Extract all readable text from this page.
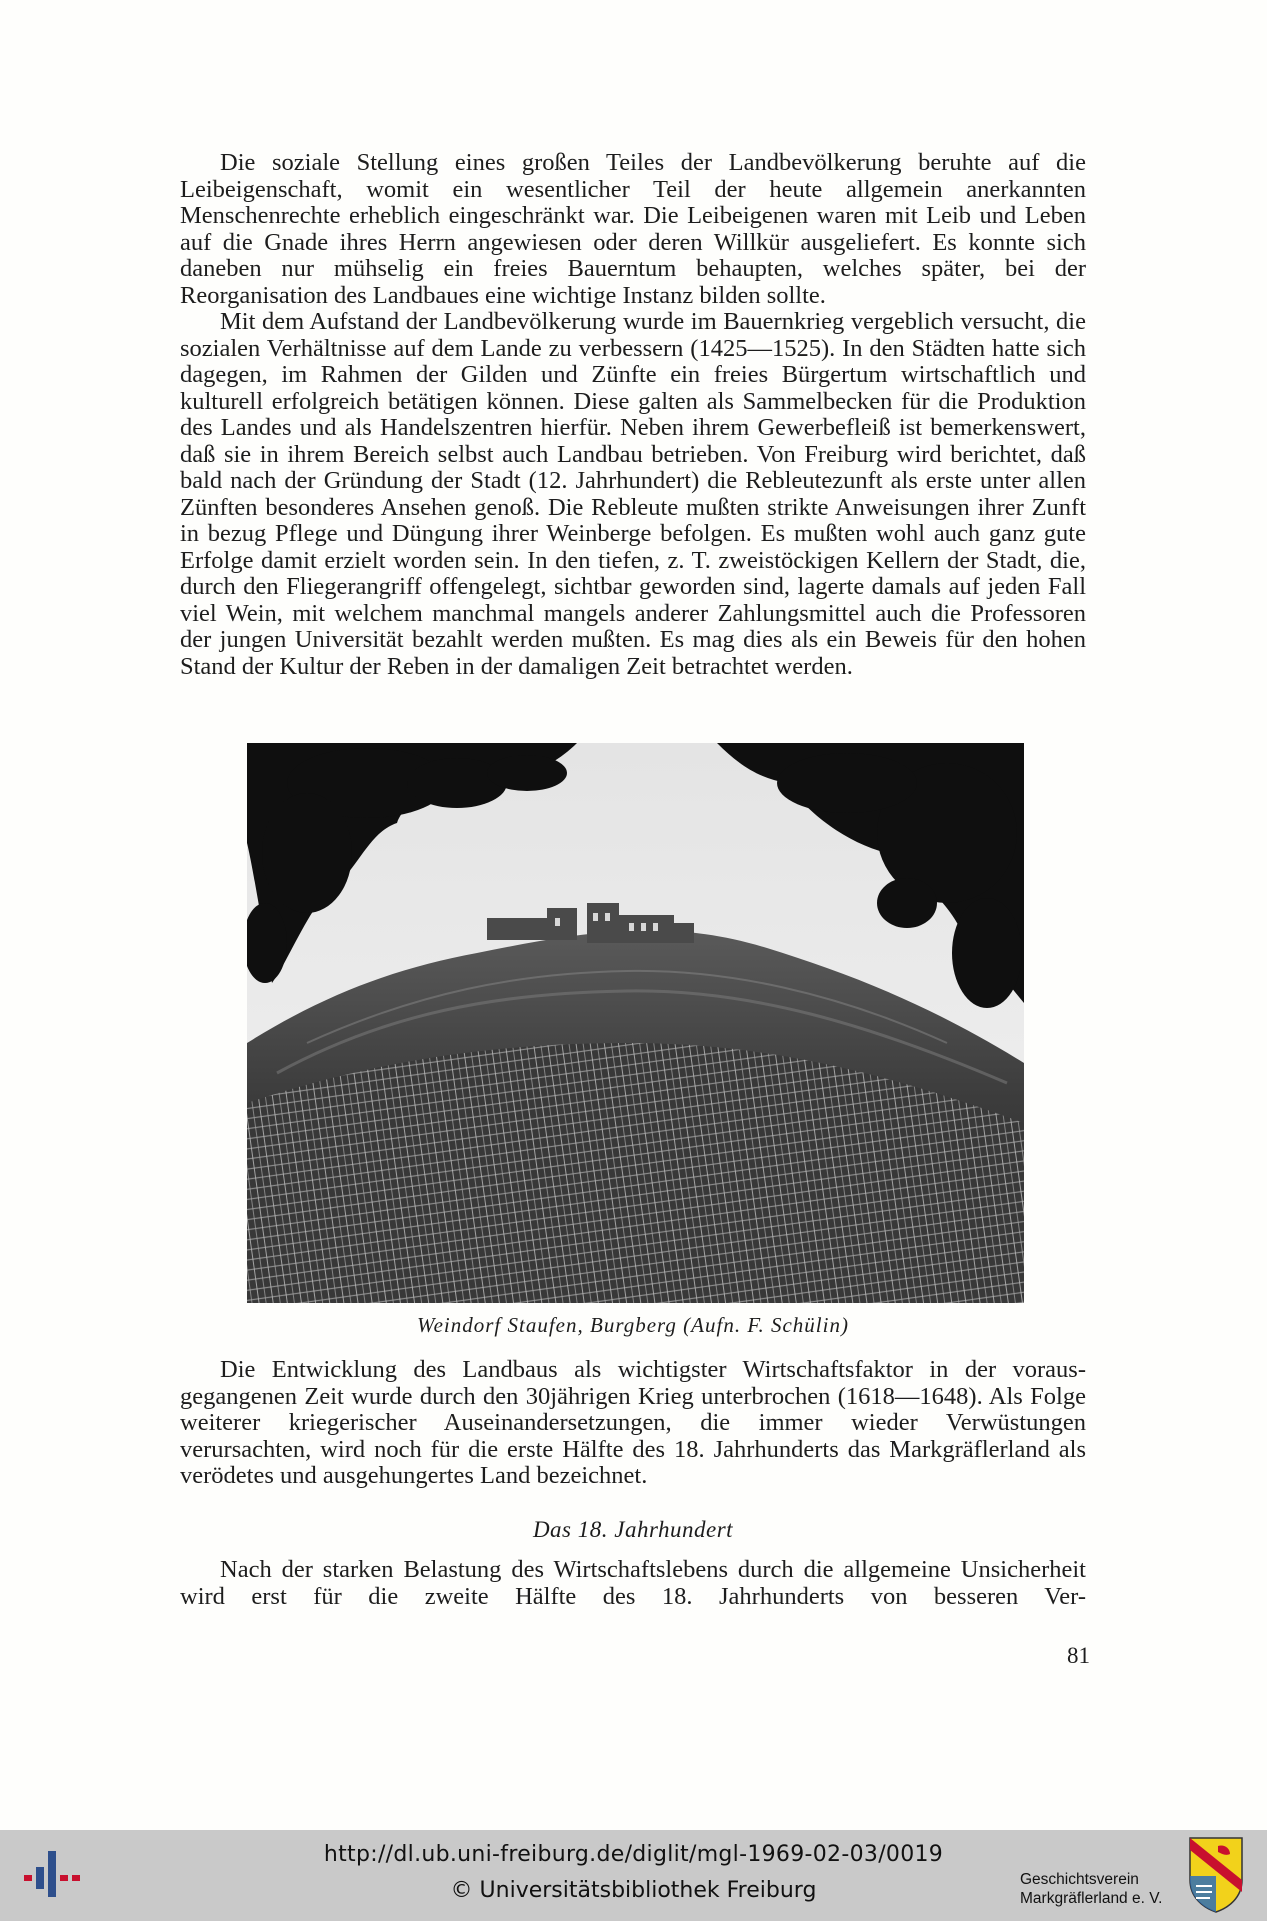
Die soziale Stellung eines großen Teiles der Landbevölkerung beruhte auf die Leibeigenschaft, womit ein wesentlicher Teil der heute allgemein anerkannten Menschenrechte erheblich eingeschränkt war. Die Leibeigenen waren mit Leib und Leben auf die Gnade ihres Herrn angewiesen oder deren Willkür ausgeliefert. Es konnte sich daneben nur mühselig ein freies Bauerntum behaupten, welches später, bei der Reorganisation des Landbaues eine wichtige Instanz bilden sollte.

Mit dem Aufstand der Landbevölkerung wurde im Bauernkrieg vergeblich versucht, die sozialen Verhältnisse auf dem Lande zu verbessern (1425—1525). In den Städten hatte sich dagegen, im Rahmen der Gilden und Zünfte ein freies Bürgertum wirtschaftlich und kulturell erfolgreich betätigen können. Diese galten als Sammelbecken für die Produktion des Landes und als Handelszentren hierfür. Neben ihrem Gewerbefleiß ist bemerkenswert, daß sie in ihrem Bereich selbst auch Landbau betrieben. Von Freiburg wird berichtet, daß bald nach der Gründung der Stadt (12. Jahrhundert) die Rebleutezunft als erste unter allen Zünften besonderes Ansehen genoß. Die Rebleute mußten strikte Anweisungen ihrer Zunft in bezug Pflege und Düngung ihrer Weinberge befolgen. Es mußten wohl auch ganz gute Erfolge damit erzielt worden sein. In den tiefen, z. T. zweistöckigen Kellern der Stadt, die, durch den Fliegerangriff offengelegt, sichtbar geworden sind, lagerte damals auf jeden Fall viel Wein, mit welchem manchmal mangels anderer Zahlungsmittel auch die Professoren der jungen Universität bezahlt werden mußten. Es mag dies als ein Beweis für den hohen Stand der Kultur der Reben in der damaligen Zeit betrachtet werden.

Weindorf Staufen, Burgberg (Aufn. F. Schülin)

Die Entwicklung des Landbaus als wichtigster Wirtschaftsfaktor in der vorausgegangenen Zeit wurde durch den 30jährigen Krieg unterbrochen (1618—1648). Als Folge weiterer kriegerischer Auseinandersetzungen, die immer wieder Verwüstungen verursachten, wird noch für die erste Hälfte des 18. Jahrhunderts das Markgräflerland als verödetes und ausgehungertes Land bezeichnet.

Das 18. Jahrhundert

Nach der starken Belastung des Wirtschaftslebens durch die allgemeine Unsicherheit wird erst für die zweite Hälfte des 18. Jahrhunderts von besseren Ver-

81
http://dl.ub.uni-freiburg.de/diglit/mgl-1969-02-03/0019
© Universitätsbibliothek Freiburg	Geschichtsverein
Markgräflerland e. V.
